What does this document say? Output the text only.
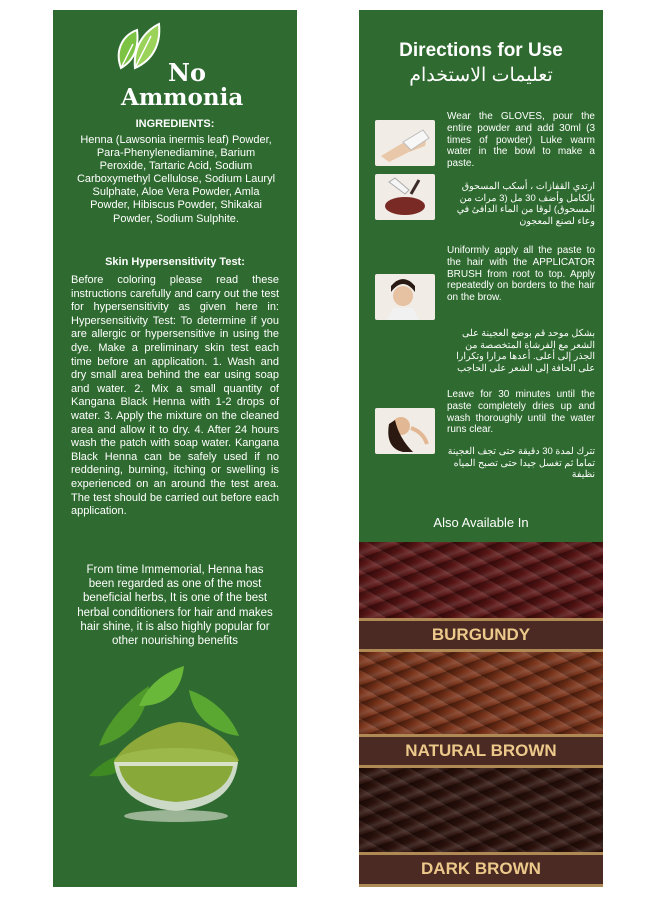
No
Ammonia
INGREDIENTS:
Henna (Lawsonia inermis leaf) Powder, Para-Phenylenediamine, Barium Peroxide, Tartaric Acid, Sodium Carboxymethyl Cellulose, Sodium Lauryl Sulphate, Aloe Vera Powder, Amla Powder, Hibiscus Powder, Shikakai Powder, Sodium Sulphite.
Skin Hypersensitivity Test:
Before coloring please read these instructions carefully and carry out the test for hypersensitivity as given here in: Hypersensitivity Test: To determine if you are allergic or hypersensitive in using the dye. Make a preliminary skin test each time before an application. 1. Wash and dry small area behind the ear using soap and water. 2. Mix a small quantity of Kangana Black Henna with 1-2 drops of water. 3. Apply the mixture on the cleaned area and allow it to dry. 4. After 24 hours wash the patch with soap water. Kangana Black Henna can be safely used if no reddening, burning, itching or swelling is experienced on an around the test area. The test should be carried out before each application.
From time Immemorial, Henna has been regarded as one of the most beneficial herbs, It is one of the best herbal conditioners for hair and makes hair shine, it is also highly popular for other nourishing benefits
Directions for Use
تعليمات الاستخدام
Wear the GLOVES, pour the entire powder and add 30ml (3 times of powder) Luke warm water in the bowl to make a paste.
ارتدي القفازات ، أسكب المسحوق بالكامل وأضف 30 مل (3 مرات من المسحوق) لوقا من الماء الدافئ في وعاء لصنع المعجون
Uniformly apply all the paste to the hair with the APPLICATOR BRUSH from root to top. Apply repeatedly on borders to the hair on the brow.
بشكل موحد قم بوضع العجينة على الشعر مع الفرشاة المتخصصة من الجذر إلى أعلى. أعدها مرارا وتكرارا على الحافة إلى الشعر على الحاجب
Leave for 30 minutes until the paste completely dries up and wash thoroughly until the water runs clear.
تترك لمدة 30 دقيقة حتى تجف العجينة تماما ثم تغسل جيدا حتى تصبح المياه نظيفة
Also Available In
BURGUNDY
NATURAL BROWN
DARK BROWN
